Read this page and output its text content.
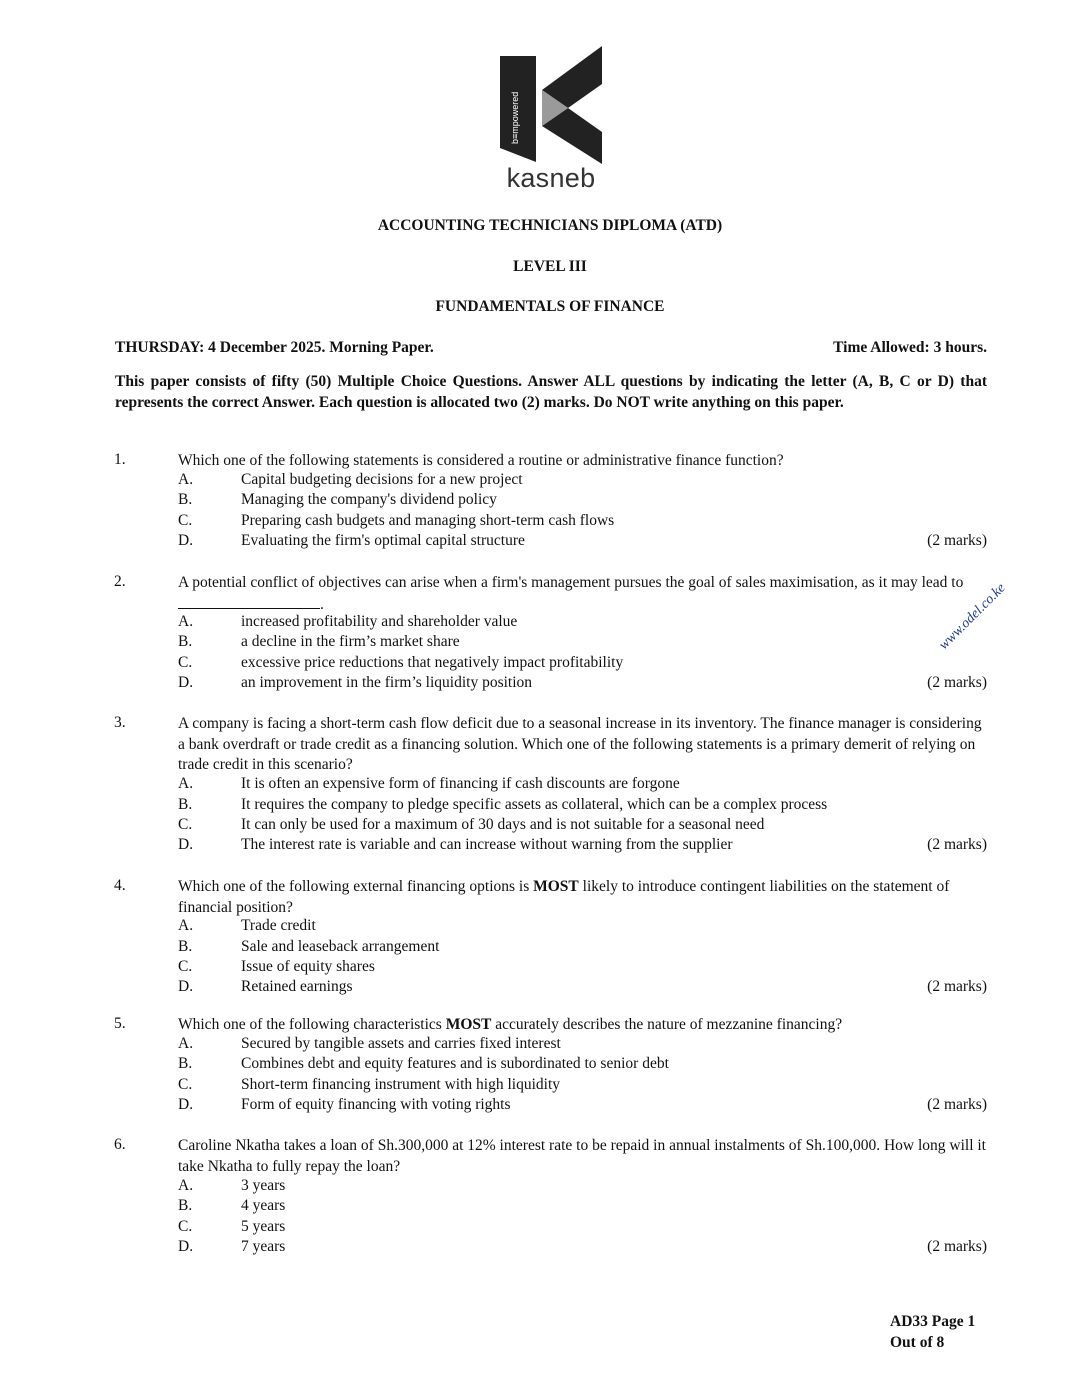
b≡mpowered
kasneb
ACCOUNTING TECHNICIANS DIPLOMA (ATD)
LEVEL III
FUNDAMENTALS OF FINANCE
THURSDAY: 4 December 2025. Morning Paper.	Time Allowed: 3 hours.
This paper consists of fifty (50) Multiple Choice Questions. Answer ALL questions by indicating the letter (A, B, C or D) that represents the correct Answer. Each question is allocated two (2) marks. Do NOT write anything on this paper.
1.	Which one of the following statements is considered a routine or administrative finance function?
A.	Capital budgeting decisions for a new project
B.	Managing the company's dividend policy
C.	Preparing cash budgets and managing short-term cash flows
D.	Evaluating the firm's optimal capital structure	(2 marks)
2.	A potential conflict of objectives can arise when a firm's management pursues the goal of sales maximisation, as it may lead to.
A.	increased profitability and shareholder value
B.	a decline in the firm’s market share
C.	excessive price reductions that negatively impact profitability
D.	an improvement in the firm’s liquidity position	(2 marks)
3.	A company is facing a short-term cash flow deficit due to a seasonal increase in its inventory. The finance manager is considering a bank overdraft or trade credit as a financing solution. Which one of the following statements is a primary demerit of relying on trade credit in this scenario?
A.	It is often an expensive form of financing if cash discounts are forgone
B.	It requires the company to pledge specific assets as collateral, which can be a complex process
C.	It can only be used for a maximum of 30 days and is not suitable for a seasonal need
D.	The interest rate is variable and can increase without warning from the supplier	(2 marks)
4.	Which one of the following external financing options is MOST likely to introduce contingent liabilities on the statement of financial position?
A.	Trade credit
B.	Sale and leaseback arrangement
C.	Issue of equity shares
D.	Retained earnings	(2 marks)
5.	Which one of the following characteristics MOST accurately describes the nature of mezzanine financing?
A.	Secured by tangible assets and carries fixed interest
B.	Combines debt and equity features and is subordinated to senior debt
C.	Short-term financing instrument with high liquidity
D.	Form of equity financing with voting rights	(2 marks)
6.	Caroline Nkatha takes a loan of Sh.300,000 at 12% interest rate to be repaid in annual instalments of Sh.100,000. How long will it take Nkatha to fully repay the loan?
A.	3 years
B.	4 years
C.	5 years
D.	7 years	(2 marks)
www.odel.co.ke
AD33 Page 1
Out of 8
